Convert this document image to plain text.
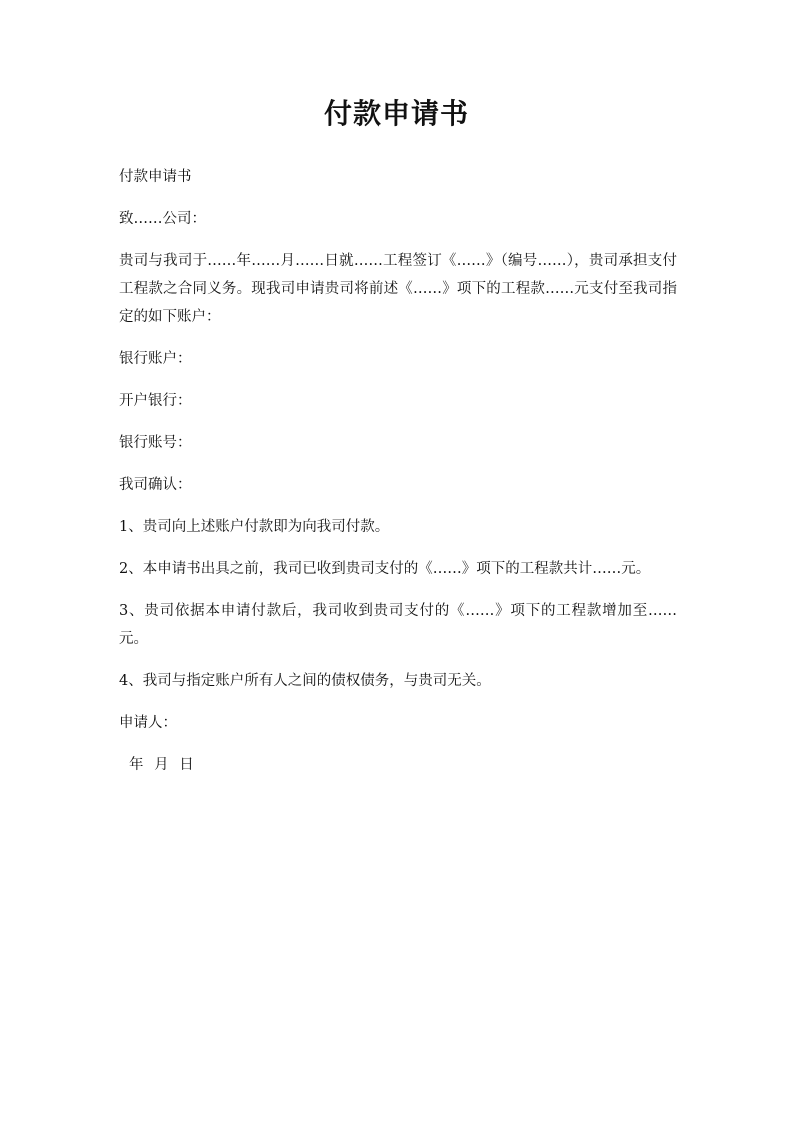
付款申请书

付款申请书

致……公司：

贵司与我司于……年……月……日就……工程签订《……》（编号……），贵司承担支付工程款之合同义务。现我司申请贵司将前述《……》项下的工程款……元支付至我司指定的如下账户：

银行账户：

开户银行：

银行账号：

我司确认：

1、贵司向上述账户付款即为向我司付款。

2、本申请书出具之前，我司已收到贵司支付的《……》项下的工程款共计……元。

3、贵司依据本申请付款后，我司收到贵司支付的《……》项下的工程款增加至……元。

4、我司与指定账户所有人之间的债权债务，与贵司无关。

申请人：

年 月 日
